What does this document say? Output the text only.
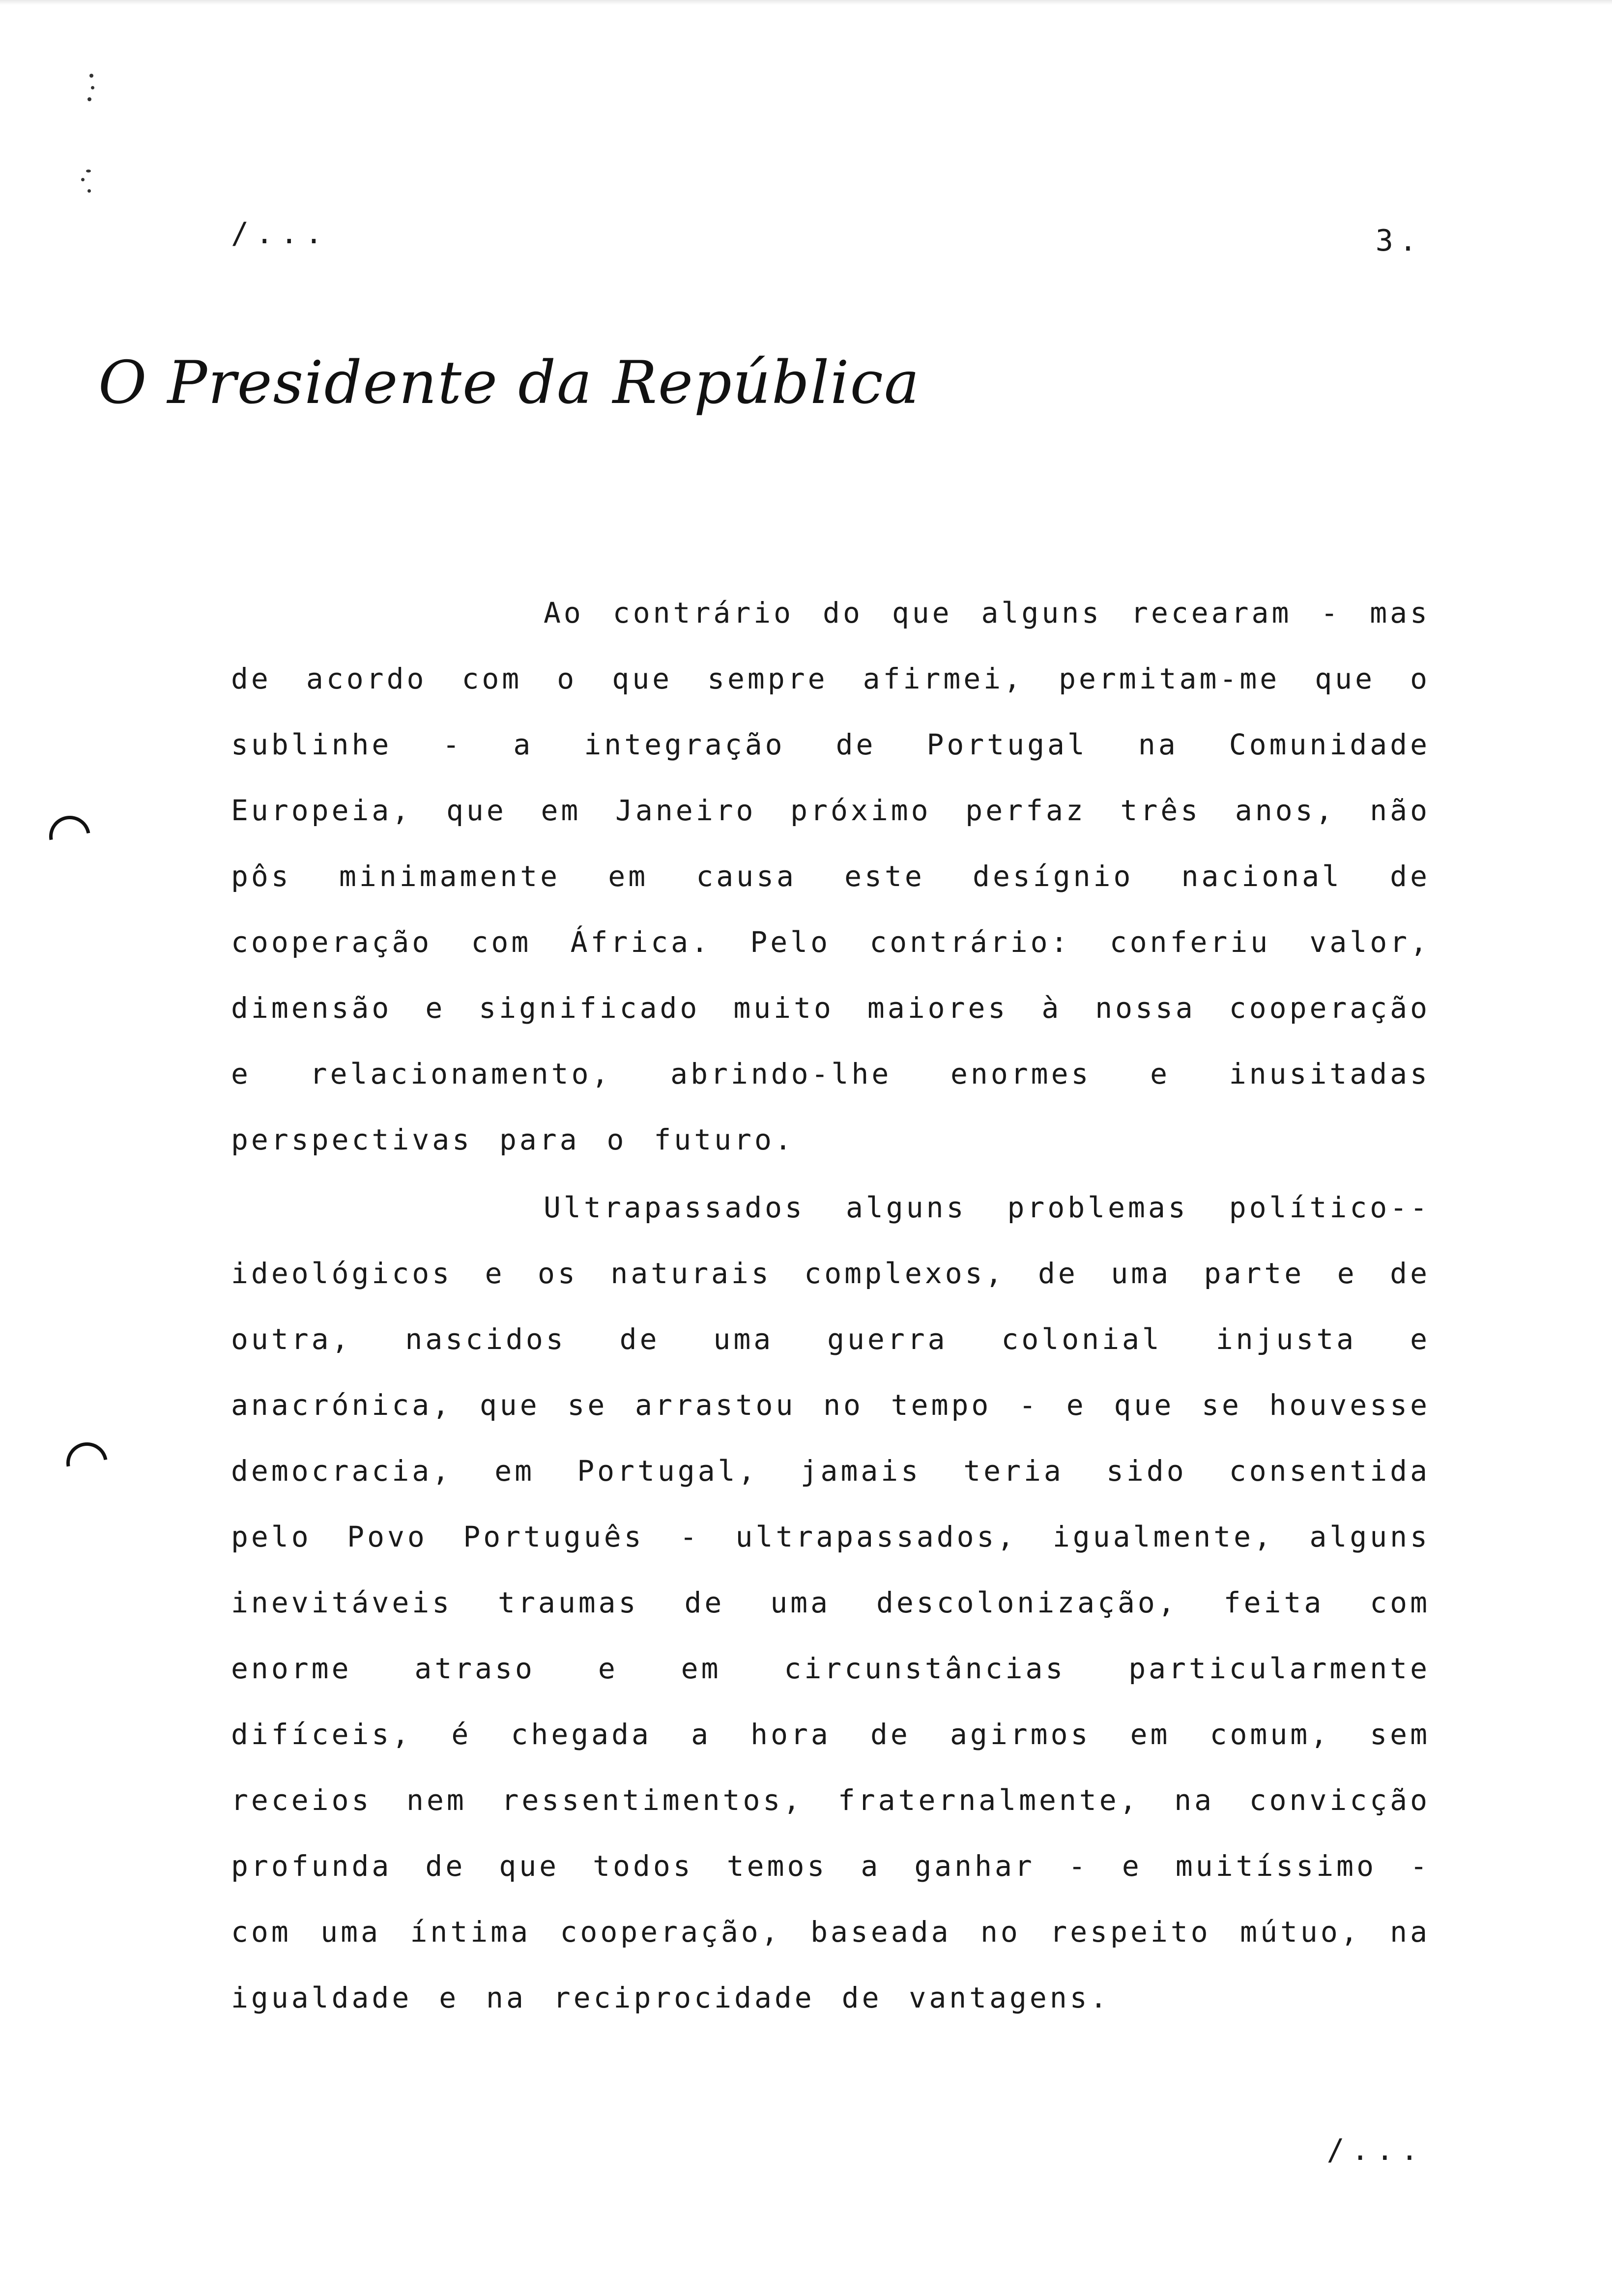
/...	3.
O Presidente da República

Ao contrário do que alguns recearam - mas de acordo com o que sempre afirmei, permitam-me que o sublinhe - a integração de Portugal na Comunidade Europeia, que em Janeiro próximo perfaz três anos, não pôs minimamente em causa este desígnio nacional de cooperação com África. Pelo contrário: conferiu valor, dimensão e significado muito maiores à nossa cooperação e relacionamento, abrindo-lhe enormes e inusitadas perspectivas para o futuro.

Ultrapassados alguns problemas político--ideológicos e os naturais complexos, de uma parte e de outra, nascidos de uma guerra colonial injusta e anacrónica, que se arrastou no tempo - e que se houvesse democracia, em Portugal, jamais teria sido consentida pelo Povo Português - ultrapassados, igualmente, alguns inevitáveis traumas de uma descolonização, feita com enorme atraso e em circunstâncias particularmente difíceis, é chegada a hora de agirmos em comum, sem receios nem ressentimentos, fraternalmente, na convicção profunda de que todos temos a ganhar - e muitíssimo - com uma íntima cooperação, baseada no respeito mútuo, na igualdade e na reciprocidade de vantagens.

/...
